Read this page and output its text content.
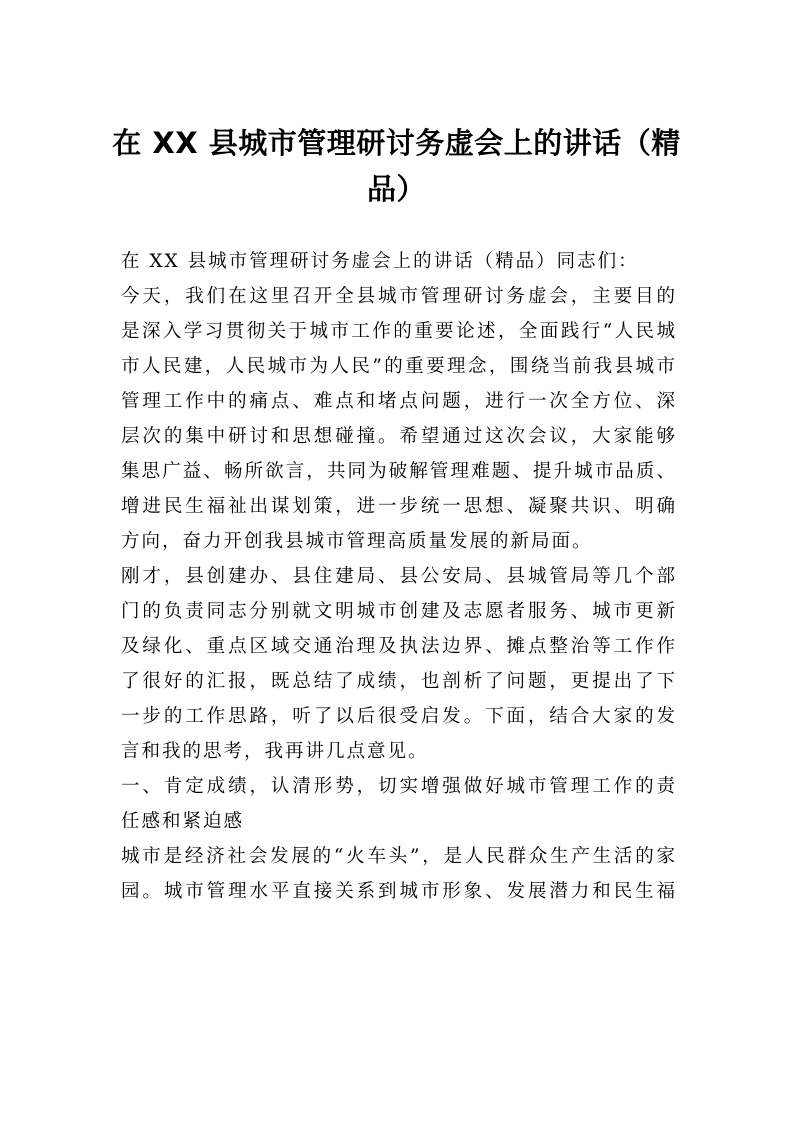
在 XX 县城市管理研讨务虚会上的讲话（精
品）
在 XX 县城市管理研讨务虚会上的讲话（精品）同志们：
今天，我们在这里召开全县城市管理研讨务虚会，主要目的
是深入学习贯彻关于城市工作的重要论述，全面践行“人民城
市人民建，人民城市为人民”的重要理念，围绕当前我县城市
管理工作中的痛点、难点和堵点问题，进行一次全方位、深
层次的集中研讨和思想碰撞。希望通过这次会议，大家能够
集思广益、畅所欲言，共同为破解管理难题、提升城市品质、
增进民生福祉出谋划策，进一步统一思想、凝聚共识、明确
方向，奋力开创我县城市管理高质量发展的新局面。
刚才，县创建办、县住建局、县公安局、县城管局等几个部
门的负责同志分别就文明城市创建及志愿者服务、城市更新
及绿化、重点区域交通治理及执法边界、摊点整治等工作作
了很好的汇报，既总结了成绩，也剖析了问题，更提出了下
一步的工作思路，听了以后很受启发。下面，结合大家的发
言和我的思考，我再讲几点意见。
一、肯定成绩，认清形势，切实增强做好城市管理工作的责
任感和紧迫感
城市是经济社会发展的“火车头”，是人民群众生产生活的家
园。城市管理水平直接关系到城市形象、发展潜力和民生福
